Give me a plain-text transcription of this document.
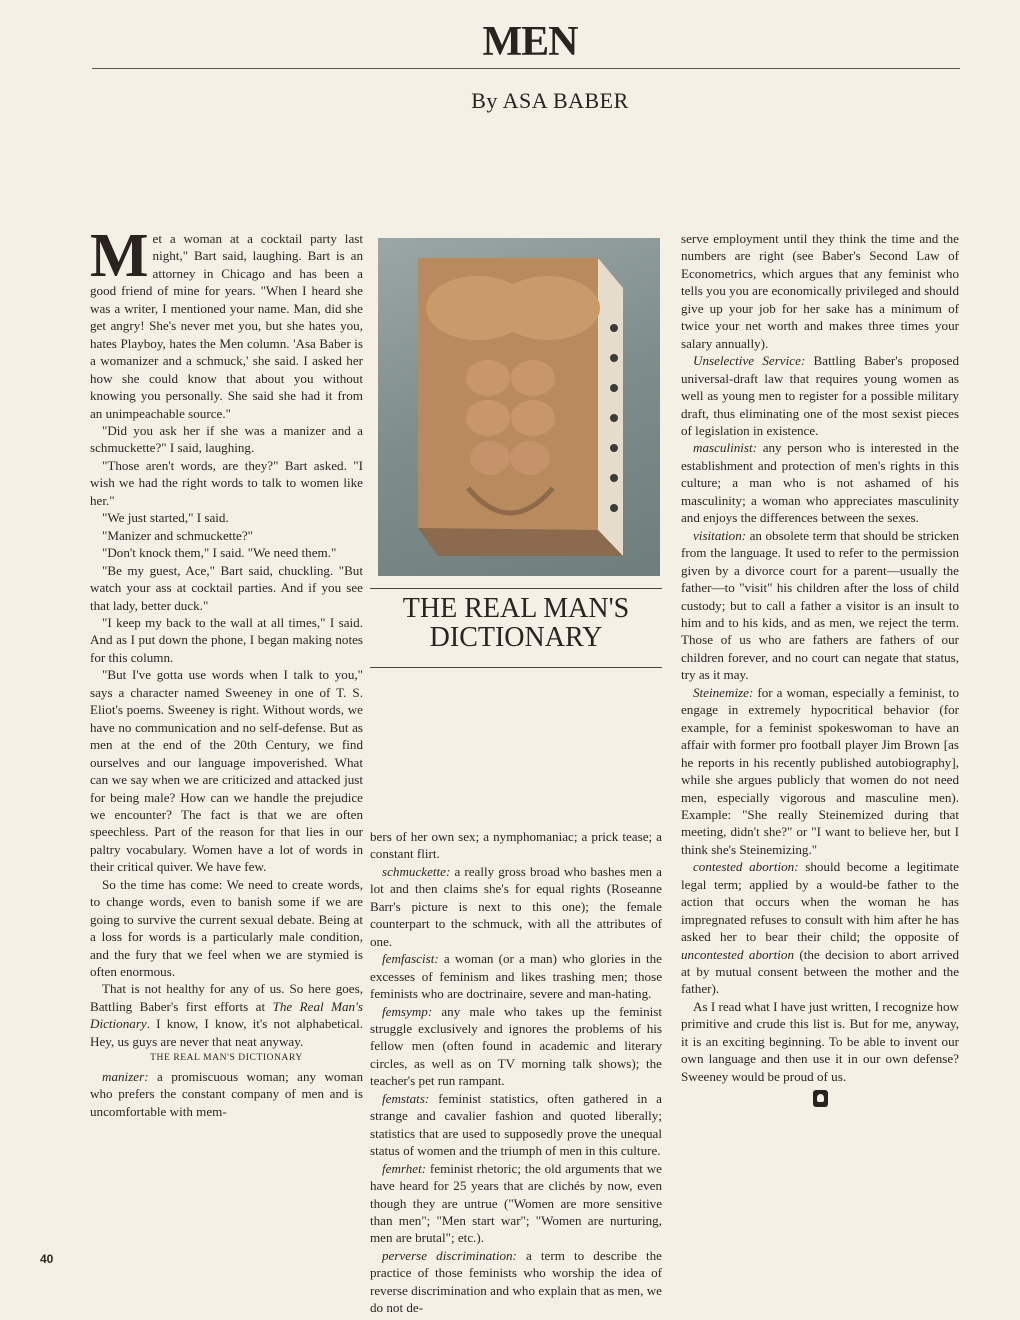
MEN
By ASA BABER

Met a woman at a cocktail party last night," Bart said, laughing. Bart is an attorney in Chicago and has been a good friend of mine for years. "When I heard she was a writer, I mentioned your name. Man, did she get angry! She's never met you, but she hates you, hates Playboy, hates the Men column. 'Asa Baber is a womanizer and a schmuck,' she said. I asked her how she could know that about you without knowing you personally. She said she had it from an unimpeachable source."

"Did you ask her if she was a manizer and a schmuckette?" I said, laughing.

"Those aren't words, are they?" Bart asked. "I wish we had the right words to talk to women like her."

"We just started," I said.

"Manizer and schmuckette?"

"Don't knock them," I said. "We need them."

"Be my guest, Ace," Bart said, chuckling. "But watch your ass at cocktail parties. And if you see that lady, better duck."

"I keep my back to the wall at all times," I said. And as I put down the phone, I began making notes for this column.

"But I've gotta use words when I talk to you," says a character named Sweeney in one of T. S. Eliot's poems. Sweeney is right. Without words, we have no communication and no self-defense. But as men at the end of the 20th Century, we find ourselves and our language impoverished. What can we say when we are criticized and attacked just for being male? How can we handle the prejudice we encounter? The fact is that we are often speechless. Part of the reason for that lies in our paltry vocabulary. Women have a lot of words in their critical quiver. We have few.

So the time has come: We need to create words, to change words, even to banish some if we are going to survive the current sexual debate. Being at a loss for words is a particularly male condition, and the fury that we feel when we are stymied is often enormous.

That is not healthy for any of us. So here goes, Battling Baber's first efforts at The Real Man's Dictionary. I know, I know, it's not alphabetical. Hey, us guys are never that neat anyway.

THE REAL MAN'S DICTIONARY

manizer: a promiscuous woman; any woman who prefers the constant company of men and is uncomfortable with mem-

THE REAL MAN'S
DICTIONARY

bers of her own sex; a nymphomaniac; a prick tease; a constant flirt.

schmuckette: a really gross broad who bashes men a lot and then claims she's for equal rights (Roseanne Barr's picture is next to this one); the female counterpart to the schmuck, with all the attributes of one.

femfascist: a woman (or a man) who glories in the excesses of feminism and likes trashing men; those feminists who are doctrinaire, severe and man-hating.

femsymp: any male who takes up the feminist struggle exclusively and ignores the problems of his fellow men (often found in academic and literary circles, as well as on TV morning talk shows); the teacher's pet run rampant.

femstats: feminist statistics, often gathered in a strange and cavalier fashion and quoted liberally; statistics that are used to supposedly prove the unequal status of women and the triumph of men in this culture.

femrhet: feminist rhetoric; the old arguments that we have heard for 25 years that are clichés by now, even though they are untrue ("Women are more sensitive than men"; "Men start war"; "Women are nurturing, men are brutal"; etc.).

perverse discrimination: a term to describe the practice of those feminists who worship the idea of reverse discrimination and who explain that as men, we do not de-

serve employment until they think the time and the numbers are right (see Baber's Second Law of Econometrics, which argues that any feminist who tells you you are economically privileged and should give up your job for her sake has a minimum of twice your net worth and makes three times your salary annually).

Unselective Service: Battling Baber's proposed universal-draft law that requires young women as well as young men to register for a possible military draft, thus eliminating one of the most sexist pieces of legislation in existence.

masculinist: any person who is interested in the establishment and protection of men's rights in this culture; a man who is not ashamed of his masculinity; a woman who appreciates masculinity and enjoys the differences between the sexes.

visitation: an obsolete term that should be stricken from the language. It used to refer to the permission given by a divorce court for a parent—usually the father—to "visit" his children after the loss of child custody; but to call a father a visitor is an insult to him and to his kids, and as men, we reject the term. Those of us who are fathers are fathers of our children forever, and no court can negate that status, try as it may.

Steinemize: for a woman, especially a feminist, to engage in extremely hypocritical behavior (for example, for a feminist spokeswoman to have an affair with former pro football player Jim Brown [as he reports in his recently published autobiography], while she argues publicly that women do not need men, especially vigorous and masculine men). Example: "She really Steinemized during that meeting, didn't she?" or "I want to believe her, but I think she's Steinemizing."

contested abortion: should become a legitimate legal term; applied by a would-be father to the action that occurs when the woman he has impregnated refuses to consult with him after he has asked her to bear their child; the opposite of uncontested abortion (the decision to abort arrived at by mutual consent between the mother and the father).

As I read what I have just written, I recognize how primitive and crude this list is. But for me, anyway, it is an exciting beginning. To be able to invent our own language and then use it in our own defense? Sweeney would be proud of us.

40
